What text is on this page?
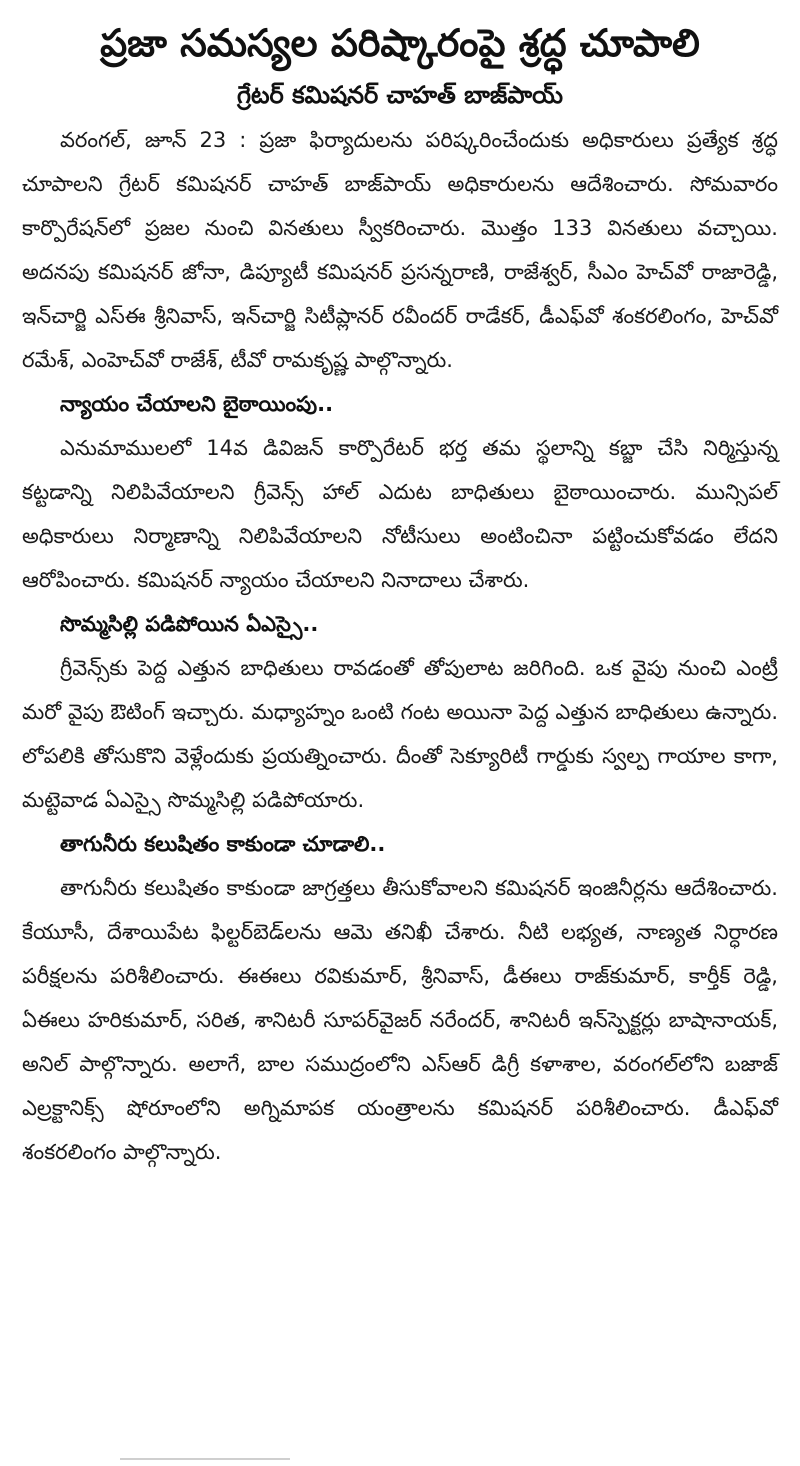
ప్రజా సమస్యల పరిష్కారంపై శ్రద్ధ చూపాలి
గ్రేటర్ కమిషనర్ చాహత్ బాజ్‌పాయ్

వరంగల్, జూన్ 23 : ప్రజా ఫిర్యాదులను పరిష్కరించేందుకు అధికారులు ప్రత్యేక శ్రద్ధ చూపాలని గ్రేటర్ కమిషనర్ చాహత్ బాజ్‌పాయ్ అధికారులను ఆదేశించారు. సోమవారం కార్పొరేషన్‌లో ప్రజల నుంచి వినతులు స్వీకరించారు. మొత్తం 133 వినతులు వచ్చాయి. అదనపు కమిషనర్ జోనా, డిప్యూటీ కమిషనర్ ప్రసన్నరాణి, రాజేశ్వర్, సీఎం హెచ్‌వో రాజారెడ్డి, ఇన్‌చార్జి ఎస్‌ఈ శ్రీనివాస్, ఇన్‌చార్జి సిటీప్లానర్ రవీందర్ రాడేకర్, డీఎఫ్‌వో శంకరలింగం, హెచ్‌వో రమేశ్, ఎంహెచ్‌వో రాజేశ్, టీవో రామకృష్ణ పాల్గొన్నారు.

న్యాయం చేయాలని బైఠాయింపు..

ఎనుమాములలో 14వ డివిజన్ కార్పొరేటర్ భర్త తమ స్థలాన్ని కబ్జా చేసి నిర్మిస్తున్న కట్టడాన్ని నిలిపివేయాలని గ్రీవెన్స్ హాల్ ఎదుట బాధితులు బైఠాయించారు. మున్సిపల్ అధికారులు నిర్మాణాన్ని నిలిపివేయాలని నోటీసులు అంటించినా పట్టించుకోవడం లేదని ఆరోపించారు. కమిషనర్ న్యాయం చేయాలని నినాదాలు చేశారు.

సొమ్మసిల్లి పడిపోయిన ఏఎస్సై..

గ్రీవెన్స్‌కు పెద్ద ఎత్తున బాధితులు రావడంతో తోపులాట జరిగింది. ఒక వైపు నుంచి ఎంట్రీ మరో వైపు ఔటింగ్ ఇచ్చారు. మధ్యాహ్నం ఒంటి గంట అయినా పెద్ద ఎత్తున బాధితులు ఉన్నారు. లోపలికి తోసుకొని వెళ్లేందుకు ప్రయత్నించారు. దీంతో సెక్యూరిటీ గార్డుకు స్వల్ప గాయాల కాగా, మట్టెవాడ ఏఎస్సై సొమ్మసిల్లి పడిపోయారు.

తాగునీరు కలుషితం కాకుండా చూడాలి..

తాగునీరు కలుషితం కాకుండా జాగ్రత్తలు తీసుకోవాలని కమిషనర్ ఇంజినీర్లను ఆదేశించారు. కేయూసీ, దేశాయిపేట ఫిల్టర్‌బెడ్‌లను ఆమె తనిఖీ చేశారు. నీటి లభ్యత, నాణ్యత నిర్ధారణ పరీక్షలను పరిశీలించారు. ఈఈలు రవికుమార్, శ్రీనివాస్, డీఈలు రాజ్‌కుమార్, కార్తీక్ రెడ్డి, ఏఈలు హరికుమార్, సరిత, శానిటరీ సూపర్‌వైజర్ నరేందర్, శానిటరీ ఇన్‌స్పెక్టర్లు బాషానాయక్, అనిల్ పాల్గొన్నారు. అలాగే, బాల సముద్రంలోని ఎస్‌ఆర్ డిగ్రీ కళాశాల, వరంగల్‌లోని బజాజ్ ఎల్రక్టానిక్స్ షోరూంలోని అగ్నిమాపక యంత్రాలను కమిషనర్ పరిశీలించారు. డీఎఫ్‌వో శంకరలింగం పాల్గొన్నారు.
